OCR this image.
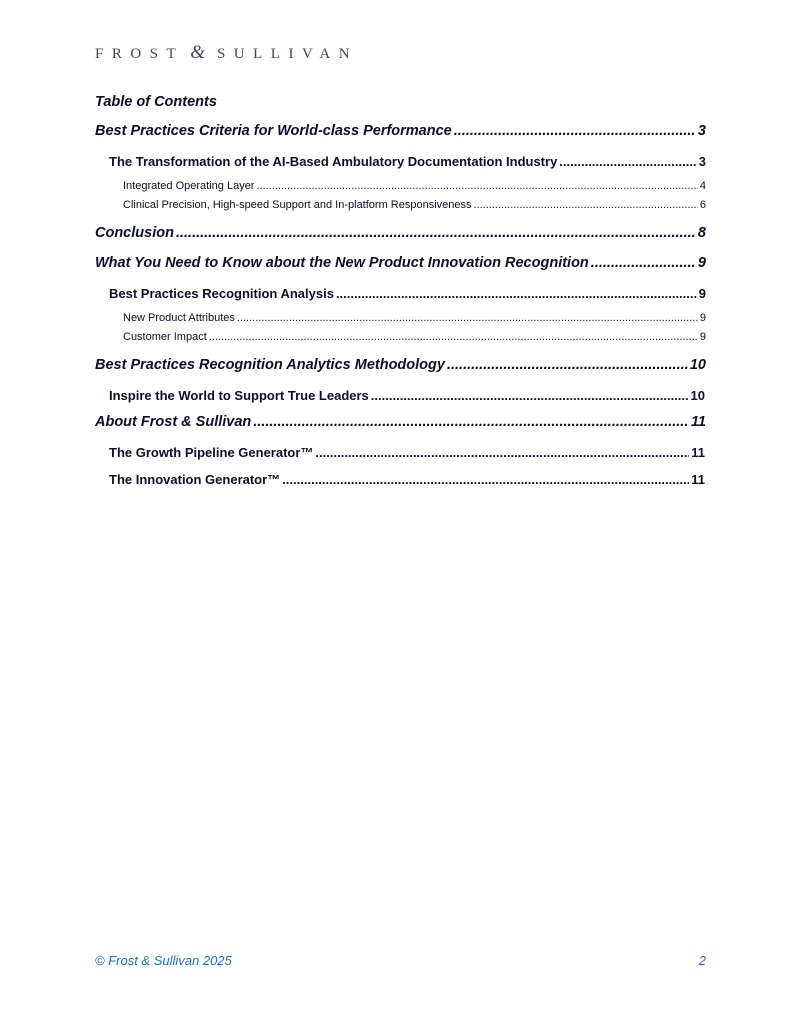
FROST & SULLIVAN
Table of Contents
Best Practices Criteria for World-class Performance .....	3
The Transformation of the AI-Based Ambulatory Documentation Industry .....	3
Integrated Operating Layer .....	4
Clinical Precision, High-speed Support and In-platform Responsiveness .....	6
Conclusion .....	8
What You Need to Know about the New Product Innovation Recognition .....	9
Best Practices Recognition Analysis .....	9
New Product Attributes .....	9
Customer Impact .....	9
Best Practices Recognition Analytics Methodology .....	10
Inspire the World to Support True Leaders .....	10
About Frost & Sullivan .....	11
The Growth Pipeline Generator™ .....	11
The Innovation Generator™ .....	11
© Frost & Sullivan 2025	2
